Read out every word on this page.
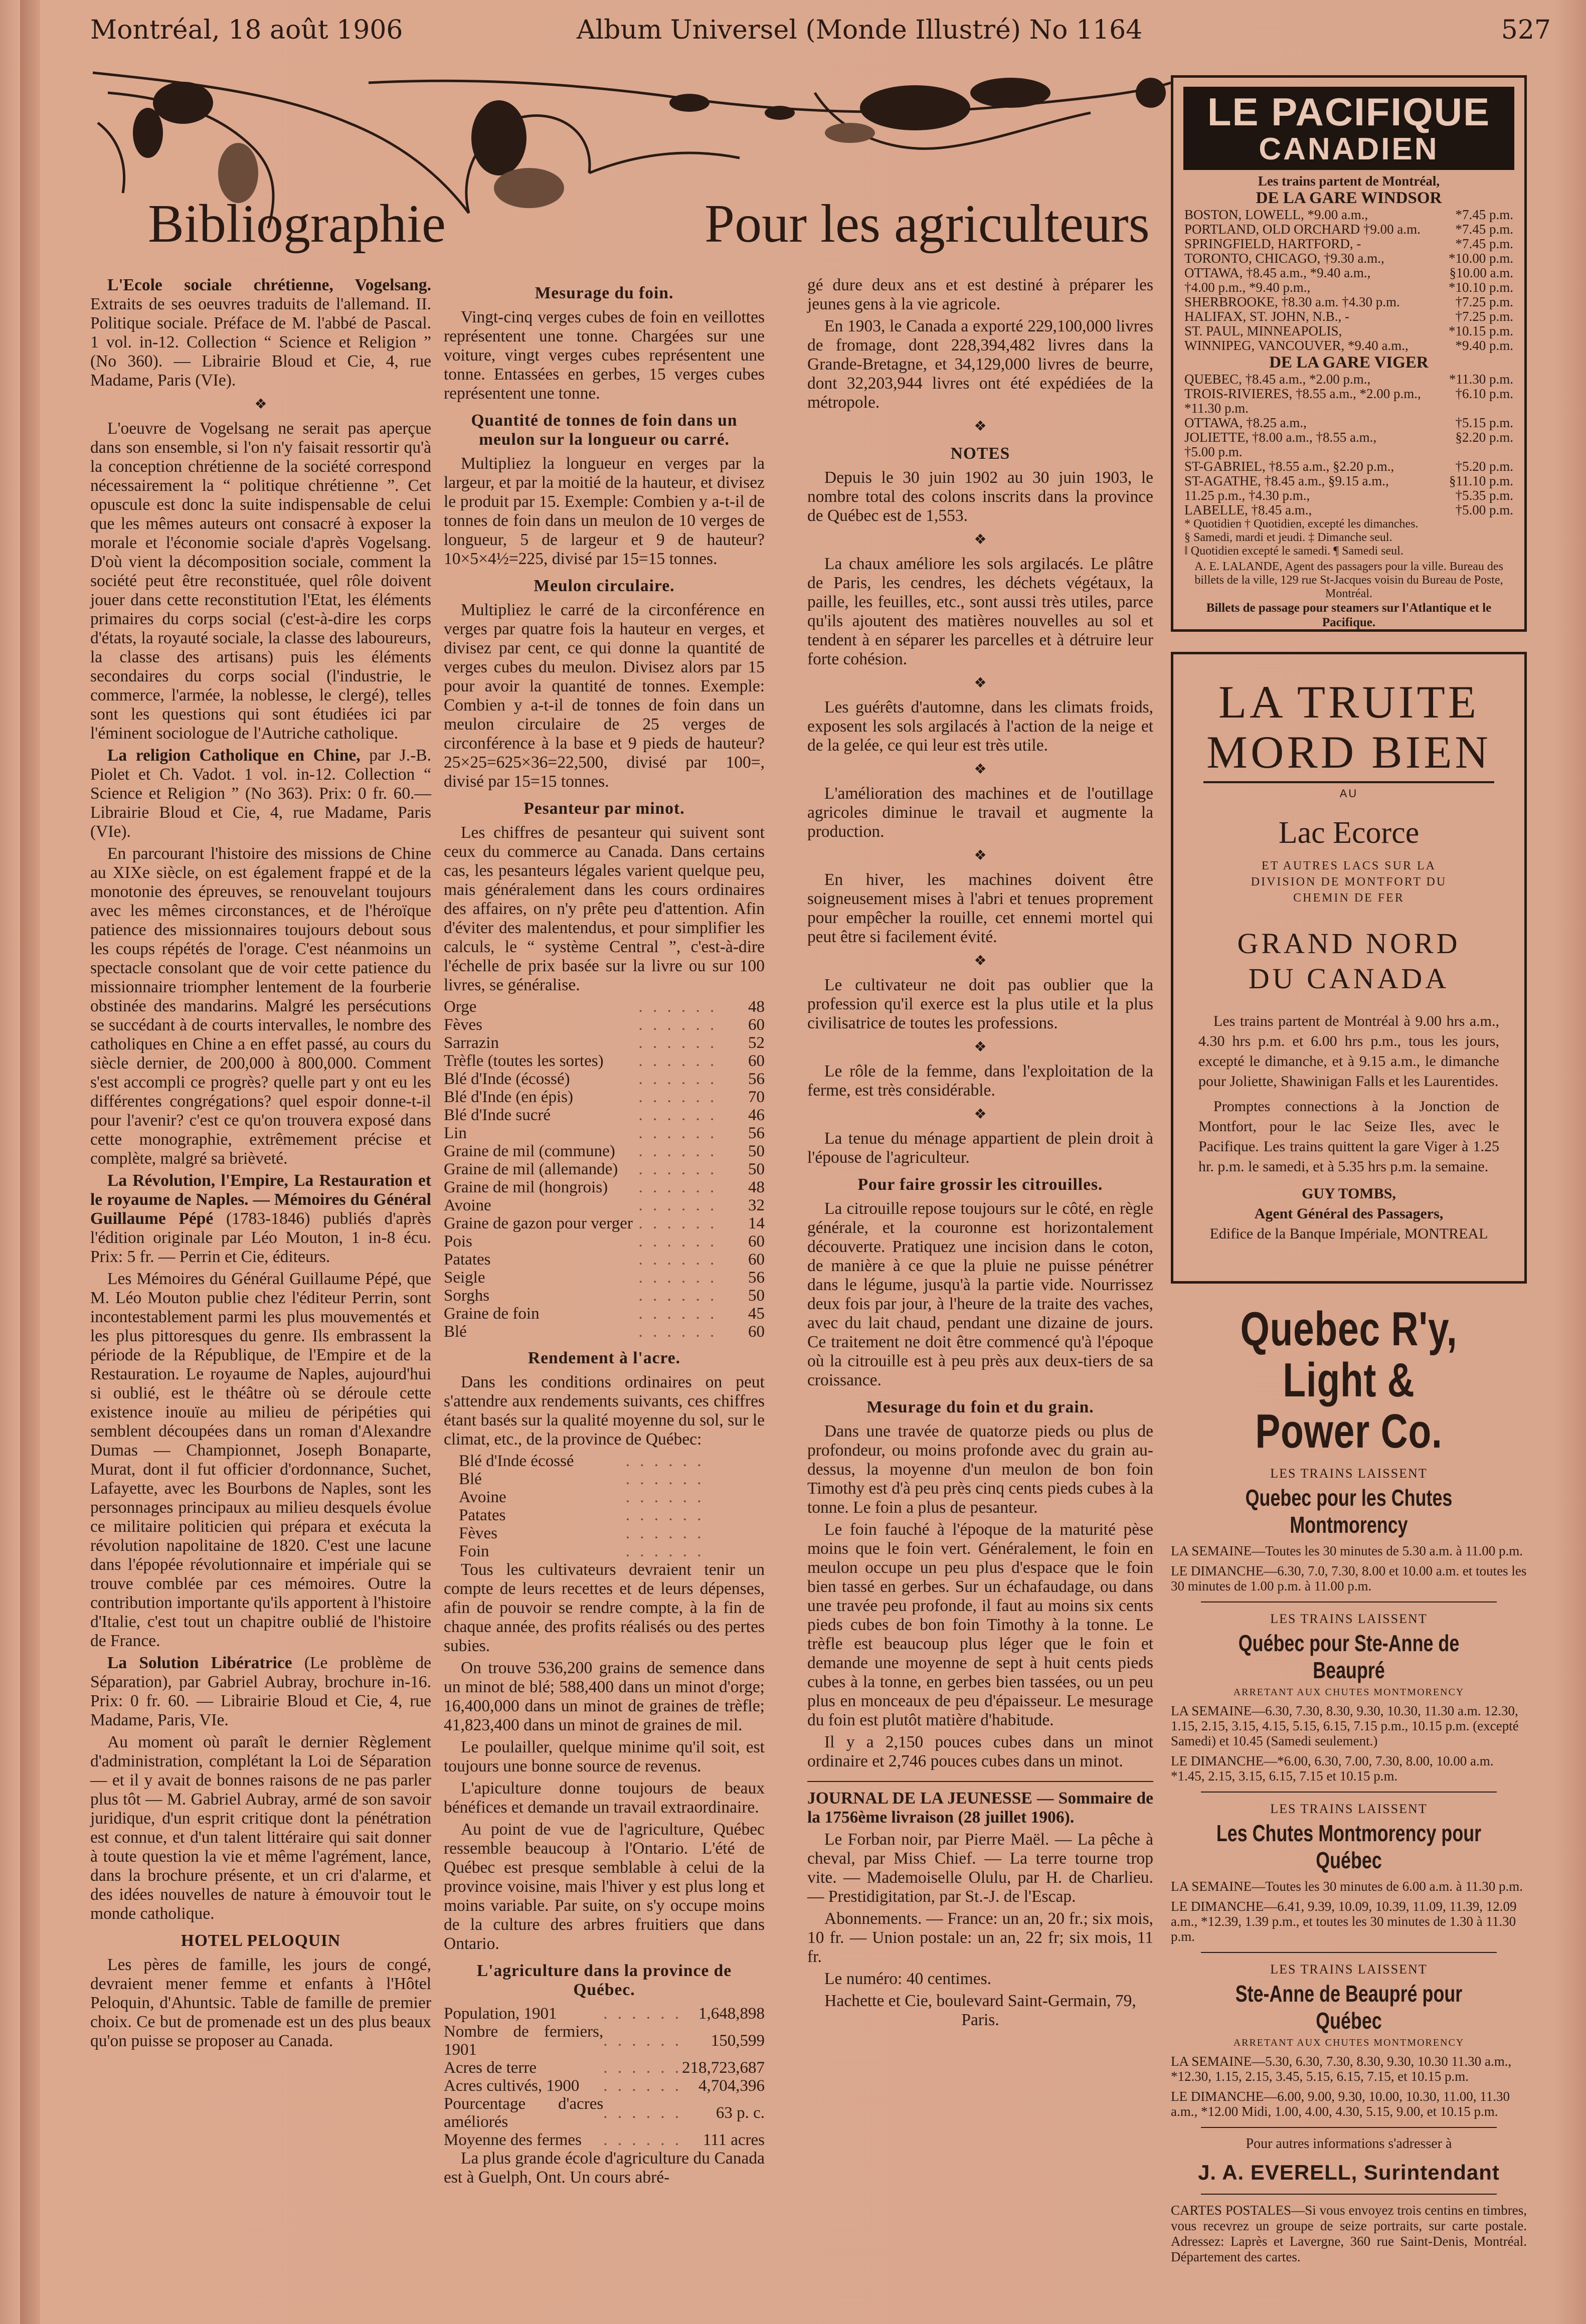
Montréal, 18 août 1906	Album Universel (Monde Illustré) No 1164	527
Bibliographie	Pour les agriculteurs

L'Ecole sociale chrétienne, Vogelsang. Extraits de ses oeuvres traduits de l'allemand. II. Politique sociale. Préface de M. l'abbé de Pascal. 1 vol. in-12. Collection “ Science et Religion ” (No 360). — Librairie Bloud et Cie, 4, rue Madame, Paris (VIe).

❖

L'oeuvre de Vogelsang ne serait pas aperçue dans son ensemble, si l'on n'y faisait ressortir qu'à la conception chrétienne de la société correspond nécessairement la “ politique chrétienne ”. Cet opuscule est donc la suite indispensable de celui que les mêmes auteurs ont consacré à exposer la morale et l'économie sociale d'après Vogelsang. D'où vient la décomposition sociale, comment la société peut être reconstituée, quel rôle doivent jouer dans cette reconstitution l'Etat, les éléments primaires du corps social (c'est-à-dire les corps d'états, la royauté sociale, la classe des laboureurs, la classe des artisans) puis les éléments secondaires du corps social (l'industrie, le commerce, l'armée, la noblesse, le clergé), telles sont les questions qui sont étudiées ici par l'éminent sociologue de l'Autriche catholique.

La religion Catholique en Chine, par J.-B. Piolet et Ch. Vadot. 1 vol. in-12. Collection “ Science et Religion ” (No 363). Prix: 0 fr. 60.—Librairie Bloud et Cie, 4, rue Madame, Paris (VIe).

En parcourant l'histoire des missions de Chine au XIXe siècle, on est également frappé et de la monotonie des épreuves, se renouvelant toujours avec les mêmes circonstances, et de l'héroïque patience des missionnaires toujours debout sous les coups répétés de l'orage. C'est néanmoins un spectacle consolant que de voir cette patience du missionnaire triompher lentement de la fourberie obstinée des mandarins. Malgré les persécutions se succédant à de courts intervalles, le nombre des catholiques en Chine a en effet passé, au cours du siècle dernier, de 200,000 à 800,000. Comment s'est accompli ce progrès? quelle part y ont eu les différentes congrégations? quel espoir donne-t-il pour l'avenir? c'est ce qu'on trouvera exposé dans cette monographie, extrêmement précise et complète, malgré sa brièveté.

La Révolution, l'Empire, La Restauration et le royaume de Naples. — Mémoires du Général Guillaume Pépé (1783-1846) publiés d'après l'édition originale par Léo Mouton, 1 in-8 écu. Prix: 5 fr. — Perrin et Cie, éditeurs.

Les Mémoires du Général Guillaume Pépé, que M. Léo Mouton publie chez l'éditeur Perrin, sont incontestablement parmi les plus mouvementés et les plus pittoresques du genre. Ils embrassent la période de la République, de l'Empire et de la Restauration. Le royaume de Naples, aujourd'hui si oublié, est le théâtre où se déroule cette existence inouïe au milieu de péripéties qui semblent découpées dans un roman d'Alexandre Dumas — Championnet, Joseph Bonaparte, Murat, dont il fut officier d'ordonnance, Suchet, Lafayette, avec les Bourbons de Naples, sont les personnages principaux au milieu desquels évolue ce militaire politicien qui prépara et exécuta la révolution napolitaine de 1820. C'est une lacune dans l'épopée révolutionnaire et impériale qui se trouve comblée par ces mémoires. Outre la contribution importante qu'ils apportent à l'histoire d'Italie, c'est tout un chapitre oublié de l'histoire de France.

La Solution Libératrice (Le problème de Séparation), par Gabriel Aubray, brochure in-16. Prix: 0 fr. 60. — Librairie Bloud et Cie, 4, rue Madame, Paris, VIe.

Au moment où paraît le dernier Règlement d'administration, complétant la Loi de Séparation — et il y avait de bonnes raisons de ne pas parler plus tôt — M. Gabriel Aubray, armé de son savoir juridique, d'un esprit critique dont la pénétration est connue, et d'un talent littéraire qui sait donner à toute question la vie et même l'agrément, lance, dans la brochure présente, et un cri d'alarme, et des idées nouvelles de nature à émouvoir tout le monde catholique.

HOTEL PELOQUIN

Les pères de famille, les jours de congé, devraient mener femme et enfants à l'Hôtel Peloquin, d'Ahuntsic. Table de famille de premier choix. Ce but de promenade est un des plus beaux qu'on puisse se proposer au Canada.

Mesurage du foin.

Vingt-cinq verges cubes de foin en veillottes représentent une tonne. Chargées sur une voiture, vingt verges cubes représentent une tonne. Entassées en gerbes, 15 verges cubes représentent une tonne.

Quantité de tonnes de foin dans un meulon sur la longueur ou carré.

Multipliez la longueur en verges par la largeur, et par la moitié de la hauteur, et divisez le produit par 15. Exemple: Combien y a-t-il de tonnes de foin dans un meulon de 10 verges de longueur, 5 de largeur et 9 de hauteur? 10×5×4½=225, divisé par 15=15 tonnes.

Meulon circulaire.

Multipliez le carré de la circonférence en verges par quatre fois la hauteur en verges, et divisez par cent, ce qui donne la quantité de verges cubes du meulon. Divisez alors par 15 pour avoir la quantité de tonnes. Exemple: Combien y a-t-il de tonnes de foin dans un meulon circulaire de 25 verges de circonférence à la base et 9 pieds de hauteur? 25×25=625×36=22,500, divisé par 100=, divisé par 15=15 tonnes.

Pesanteur par minot.

Les chiffres de pesanteur qui suivent sont ceux du commerce au Canada. Dans certains cas, les pesanteurs légales varient quelque peu, mais généralement dans les cours ordinaires des affaires, on n'y prête peu d'attention. Afin d'éviter des malentendus, et pour simplifier les calculs, le “ système Central ”, c'est-à-dire l'échelle de prix basée sur la livre ou sur 100 livres, se généralise.

Orge	. . . . . .	48
Fèves	. . . . . .	60
Sarrazin	. . . . . .	52
Trèfle (toutes les sortes)	. . . . . .	60
Blé d'Inde (écossé)	. . . . . .	56
Blé d'Inde (en épis)	. . . . . .	70
Blé d'Inde sucré	. . . . . .	46
Lin	. . . . . .	56
Graine de mil (commune)	. . . . . .	50
Graine de mil (allemande)	. . . . . .	50
Graine de mil (hongrois)	. . . . . .	48
Avoine	. . . . . .	32
Graine de gazon pour verger	. . . . . .	14
Pois	. . . . . .	60
Patates	. . . . . .	60
Seigle	. . . . . .	56
Sorghs	. . . . . .	50
Graine de foin	. . . . . .	45
Blé	. . . . . .	60
Rendement à l'acre.

Dans les conditions ordinaires on peut s'attendre aux rendements suivants, ces chiffres étant basés sur la qualité moyenne du sol, sur le climat, etc., de la province de Québec:

Blé d'Inde écossé	. . . . . .
Blé	. . . . . .
Avoine	. . . . . .
Patates	. . . . . .
Fèves	. . . . . .
Foin	. . . . . .

Tous les cultivateurs devraient tenir un compte de leurs recettes et de leurs dépenses, afin de pouvoir se rendre compte, à la fin de chaque année, des profits réalisés ou des pertes subies.

On trouve 536,200 grains de semence dans un minot de blé; 588,400 dans un minot d'orge; 16,400,000 dans un minot de graines de trèfle; 41,823,400 dans un minot de graines de mil.

Le poulailler, quelque minime qu'il soit, est toujours une bonne source de revenus.

L'apiculture donne toujours de beaux bénéfices et demande un travail extraordinaire.

Au point de vue de l'agriculture, Québec ressemble beaucoup à l'Ontario. L'été de Québec est presque semblable à celui de la province voisine, mais l'hiver y est plus long et moins variable. Par suite, on s'y occupe moins de la culture des arbres fruitiers que dans Ontario.

L'agriculture dans la province de Québec.
Population, 1901	. . . . . .	1,648,898
Nombre de fermiers, 1901	. . . . . .	150,599
Acres de terre	. . . . . .	218,723,687
Acres cultivés, 1900	. . . . . .	4,704,396
Pourcentage d'acres améliorés	. . . . . .	63 p. c.
Moyenne des fermes	. . . . . .	111 acres

La plus grande école d'agriculture du Canada est à Guelph, Ont. Un cours abré-

gé dure deux ans et est destiné à préparer les jeunes gens à la vie agricole.

En 1903, le Canada a exporté 229,100,000 livres de fromage, dont 228,394,482 livres dans la Grande-Bretagne, et 34,129,000 livres de beurre, dont 32,203,944 livres ont été expédiées de la métropole.

❖
NOTES

Depuis le 30 juin 1902 au 30 juin 1903, le nombre total des colons inscrits dans la province de Québec est de 1,553.

❖

La chaux améliore les sols argilacés. Le plâtre de Paris, les cendres, les déchets végétaux, la paille, les feuilles, etc., sont aussi très utiles, parce qu'ils ajoutent des matières nouvelles au sol et tendent à en séparer les parcelles et à détruire leur forte cohésion.

❖

Les guérêts d'automne, dans les climats froids, exposent les sols argilacés à l'action de la neige et de la gelée, ce qui leur est très utile.

❖

L'amélioration des machines et de l'outillage agricoles diminue le travail et augmente la production.

❖

En hiver, les machines doivent être soigneusement mises à l'abri et tenues proprement pour empêcher la rouille, cet ennemi mortel qui peut être si facilement évité.

❖

Le cultivateur ne doit pas oublier que la profession qu'il exerce est la plus utile et la plus civilisatrice de toutes les professions.

❖

Le rôle de la femme, dans l'exploitation de la ferme, est très considérable.

❖

La tenue du ménage appartient de plein droit à l'épouse de l'agriculteur.

Pour faire grossir les citrouilles.

La citrouille repose toujours sur le côté, en règle générale, et la couronne est horizontalement découverte. Pratiquez une incision dans le coton, de manière à ce que la pluie ne puisse pénétrer dans le légume, jusqu'à la partie vide. Nourrissez deux fois par jour, à l'heure de la traite des vaches, avec du lait chaud, pendant une dizaine de jours. Ce traitement ne doit être commencé qu'à l'époque où la citrouille est à peu près aux deux-tiers de sa croissance.

Mesurage du foin et du grain.

Dans une travée de quatorze pieds ou plus de profondeur, ou moins profonde avec du grain au-dessus, la moyenne d'un meulon de bon foin Timothy est d'à peu près cinq cents pieds cubes à la tonne. Le foin a plus de pesanteur.

Le foin fauché à l'époque de la maturité pèse moins que le foin vert. Généralement, le foin en meulon occupe un peu plus d'espace que le foin bien tassé en gerbes. Sur un échafaudage, ou dans une travée peu profonde, il faut au moins six cents pieds cubes de bon foin Timothy à la tonne. Le trèfle est beaucoup plus léger que le foin et demande une moyenne de sept à huit cents pieds cubes à la tonne, en gerbes bien tassées, ou un peu plus en monceaux de peu d'épaisseur. Le mesurage du foin est plutôt matière d'habitude.

Il y a 2,150 pouces cubes dans un minot ordinaire et 2,746 pouces cubes dans un minot.

JOURNAL DE LA JEUNESSE — Sommaire de la 1756ème livraison (28 juillet 1906).

Le Forban noir, par Pierre Maël. — La pêche à cheval, par Miss Chief. — La terre tourne trop vite. — Mademoiselle Olulu, par H. de Charlieu. — Prestidigitation, par St.-J. de l'Escap.

Abonnements. — France: un an, 20 fr.; six mois, 10 fr. — Union postale: un an, 22 fr; six mois, 11 fr.

Le numéro: 40 centimes.

Hachette et Cie, boulevard Saint-Germain, 79, Paris.

LE PACIFIQUE
CANADIEN
Les trains partent de Montréal,
DE LA GARE WINDSOR
BOSTON, LOWELL, *9.00 a.m.,	*7.45 p.m.
PORTLAND, OLD ORCHARD †9.00 a.m.	*7.45 p.m.
SPRINGFIELD, HARTFORD, -	*7.45 p.m.
TORONTO, CHICAGO, †9.30 a.m.,	*10.00 p.m.
OTTAWA, †8.45 a.m., *9.40 a.m.,	§10.00 a.m.
†4.00 p.m., *9.40 p.m.,	*10.10 p.m.
SHERBROOKE, †8.30 a.m. †4.30 p.m.	†7.25 p.m.
HALIFAX, ST. JOHN, N.B., -	†7.25 p.m.
ST. PAUL, MINNEAPOLIS,	*10.15 p.m.
WINNIPEG, VANCOUVER, *9.40 a.m.,	*9.40 p.m.
DE LA GARE VIGER
QUEBEC, †8.45 a.m., *2.00 p.m.,	*11.30 p.m.
TROIS-RIVIERES, †8.55 a.m., *2.00 p.m.,	†6.10 p.m.
*11.30 p.m.
OTTAWA, †8.25 a.m.,	†5.15 p.m.
JOLIETTE, †8.00 a.m., †8.55 a.m.,	§2.20 p.m.
†5.00 p.m.
ST-GABRIEL, †8.55 a.m., §2.20 p.m.,	†5.20 p.m.
ST-AGATHE, †8.45 a.m., §9.15 a.m.,	§11.10 p.m.
11.25 p.m., †4.30 p.m.,	†5.35 p.m.
LABELLE, †8.45 a.m.,	†5.00 p.m.
* Quotidien † Quotidien, excepté les dimanches.
§ Samedi, mardi et jeudi. ‡ Dimanche seul.
‖ Quotidien excepté le samedi. ¶ Samedi seul.
A. E. LALANDE, Agent des passagers pour la ville. Bureau des billets de la ville, 129 rue St-Jacques voisin du Bureau de Poste, Montréal.
Billets de passage pour steamers sur l'Atlantique et le Pacifique.
LA TRUITE
MORD BIEN
AU
Lac Ecorce
ET AUTRES LACS SUR LA DIVISION DE MONTFORT DU CHEMIN DE FER
GRAND NORD
DU CANADA

Les trains partent de Montréal à 9.00 hrs a.m., 4.30 hrs p.m. et 6.00 hrs p.m., tous les jours, excepté le dimanche, et à 9.15 a.m., le dimanche pour Joliette, Shawinigan Falls et les Laurentides.

Promptes connections à la Jonction de Montfort, pour le lac Seize Iles, avec le Pacifique. Les trains quittent la gare Viger à 1.25 hr. p.m. le samedi, et à 5.35 hrs p.m. la semaine.

GUY TOMBS,
Agent Général des Passagers,
Edifice de la Banque Impériale, MONTREAL
Quebec R'y, Light &
Power Co.
LES TRAINS LAISSENT
Quebec pour les Chutes Montmorency
LA SEMAINE—Toutes les 30 minutes de 5.30 a.m. à 11.00 p.m.
LE DIMANCHE—6.30, 7.0, 7.30, 8.00 et 10.00 a.m. et toutes les 30 minutes de 1.00 p.m. à 11.00 p.m.
LES TRAINS LAISSENT
Québec pour Ste-Anne de Beaupré
ARRETANT AUX CHUTES MONTMORENCY
LA SEMAINE—6.30, 7.30, 8.30, 9.30, 10.30, 11.30 a.m. 12.30, 1.15, 2.15, 3.15, 4.15, 5.15, 6.15, 7.15 p.m., 10.15 p.m. (excepté Samedi) et 10.45 (Samedi seulement.)
LE DIMANCHE—*6.00, 6.30, 7.00, 7.30, 8.00, 10.00 a.m. *1.45, 2.15, 3.15, 6.15, 7.15 et 10.15 p.m.
LES TRAINS LAISSENT
Les Chutes Montmorency pour Québec
LA SEMAINE—Toutes les 30 minutes de 6.00 a.m. à 11.30 p.m.
LE DIMANCHE—6.41, 9.39, 10.09, 10.39, 11.09, 11.39, 12.09 a.m., *12.39, 1.39 p.m., et toutes les 30 minutes de 1.30 à 11.30 p.m.
LES TRAINS LAISSENT
Ste-Anne de Beaupré pour Québec
ARRETANT AUX CHUTES MONTMORENCY
LA SEMAINE—5.30, 6.30, 7.30, 8.30, 9.30, 10.30 11.30 a.m., *12.30, 1.15, 2.15, 3.45, 5.15, 6.15, 7.15, et 10.15 p.m.
LE DIMANCHE—6.00, 9.00, 9.30, 10.00, 10.30, 11.00, 11.30 a.m., *12.00 Midi, 1.00, 4.00, 4.30, 5.15, 9.00, et 10.15 p.m.
Pour autres informations s'adresser à
J. A. EVERELL, Surintendant
CARTES POSTALES—Si vous envoyez trois centins en timbres, vous recevrez un groupe de seize portraits, sur carte postale. Adressez: Laprès et Lavergne, 360 rue Saint-Denis, Montréal. Département des cartes.
